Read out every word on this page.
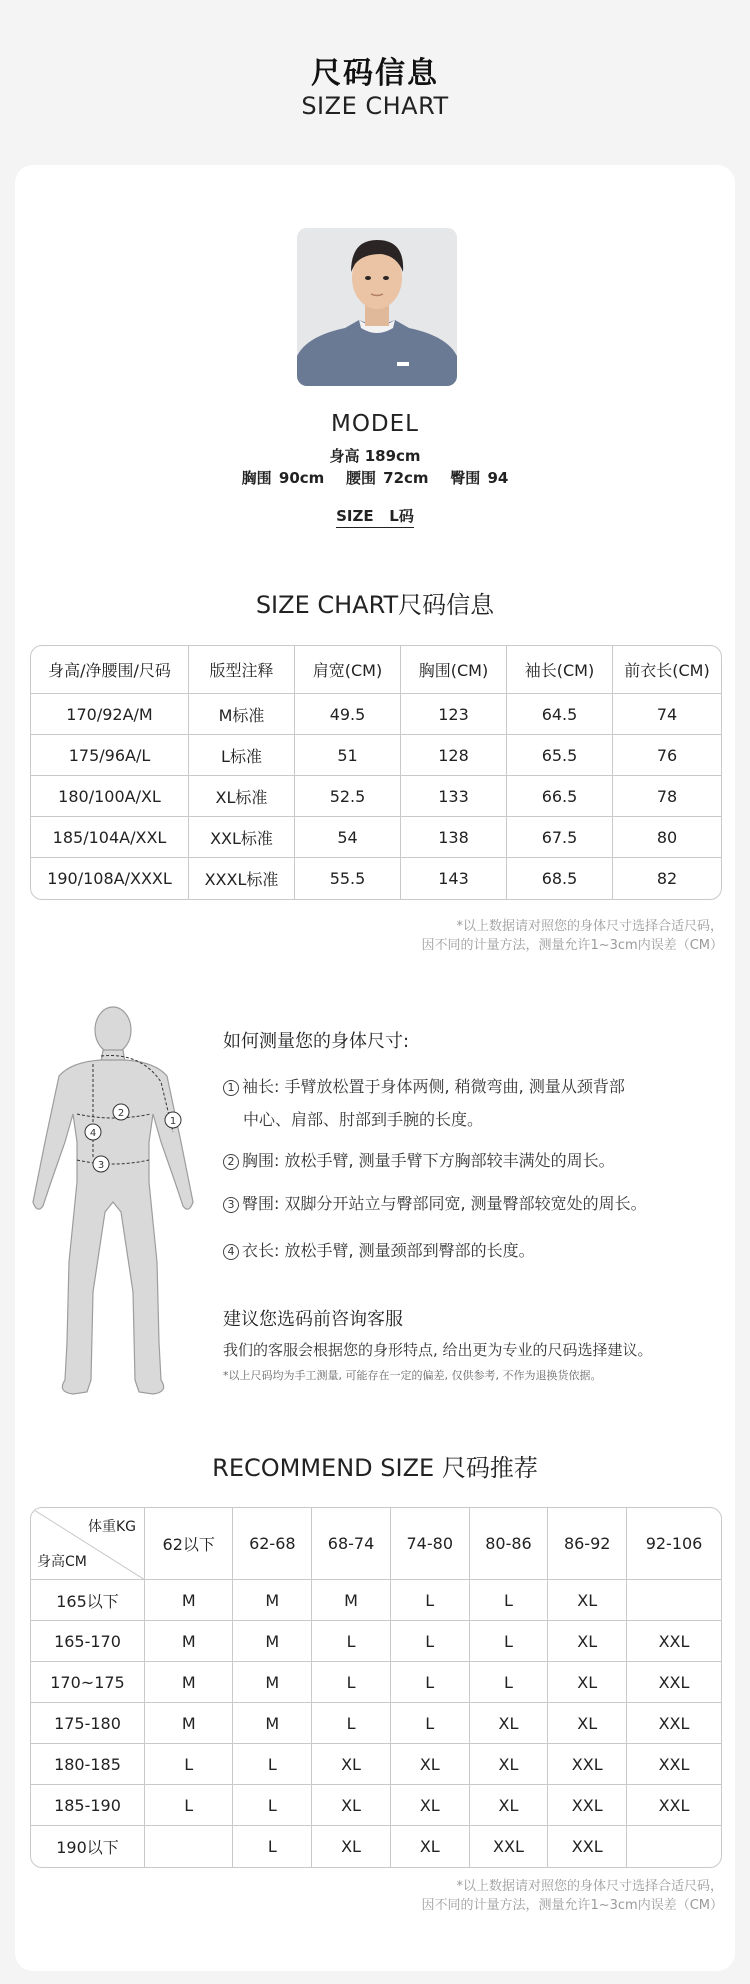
尺码信息
SIZE CHART
MODEL
身高 189cm
胸围 90cm   腰围 72cm   臀围 94
SIZE   L码
SIZE CHART尺码信息
身高/净腰围/尺码	版型注释	肩宽(CM)	胸围(CM)	袖长(CM)	前衣长(CM)
170/92A/M	M标准	49.5	123	64.5	74
175/96A/L	L标准	51	128	65.5	76
180/100A/XL	XL标准	52.5	133	66.5	78
185/104A/XXL	XXL标准	54	138	67.5	80
190/108A/XXXL	XXXL标准	55.5	143	68.5	82
*以上数据请对照您的身体尺寸选择合适尺码，
因不同的计量方法，测量允许1~3cm内误差（CM）
1
2
3
4
如何测量您的身体尺寸:
1 袖长: 手臂放松置于身体两侧, 稍微弯曲, 测量从颈背部
中心、肩部、肘部到手腕的长度。
2 胸围: 放松手臂, 测量手臂下方胸部较丰满处的周长。
3 臀围: 双脚分开站立与臀部同宽, 测量臀部较宽处的周长。
4 衣长: 放松手臂, 测量颈部到臀部的长度。
建议您选码前咨询客服
我们的客服会根据您的身形特点, 给出更为专业的尺码选择建议。
*以上尺码均为手工测量, 可能存在一定的偏差, 仅供参考, 不作为退换货依据。
RECOMMEND SIZE 尺码推荐
体重KG
身高CM	62以下	62-68	68-74	74-80	80-86	86-92	92-106
165以下	M	M	M	L	L	XL	
165-170	M	M	L	L	L	XL	XXL
170~175	M	M	L	L	L	XL	XXL
175-180	M	M	L	L	XL	XL	XXL
180-185	L	L	XL	XL	XL	XXL	XXL
185-190	L	L	XL	XL	XL	XXL	XXL
190以下		L	XL	XL	XXL	XXL	
*以上数据请对照您的身体尺寸选择合适尺码，
因不同的计量方法，测量允许1~3cm内误差（CM）
